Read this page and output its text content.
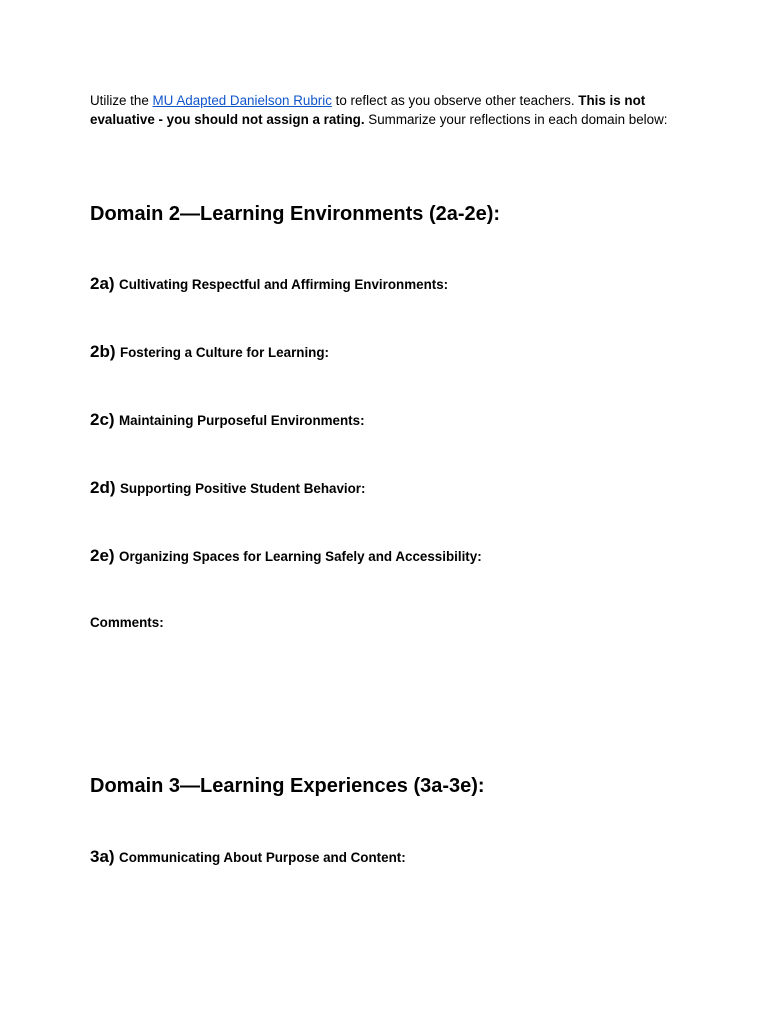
Utilize the MU Adapted Danielson Rubric to reflect as you observe other teachers. This is not evaluative - you should not assign a rating. Summarize your reflections in each domain below:

Domain 2—Learning Environments (2a-2e):
2a) Cultivating Respectful and Affirming Environments:
2b) Fostering a Culture for Learning:
2c) Maintaining Purposeful Environments:
2d) Supporting Positive Student Behavior:
2e) Organizing Spaces for Learning Safely and Accessibility:
Comments:
Domain 3—Learning Experiences (3a-3e):
3a) Communicating About Purpose and Content:
